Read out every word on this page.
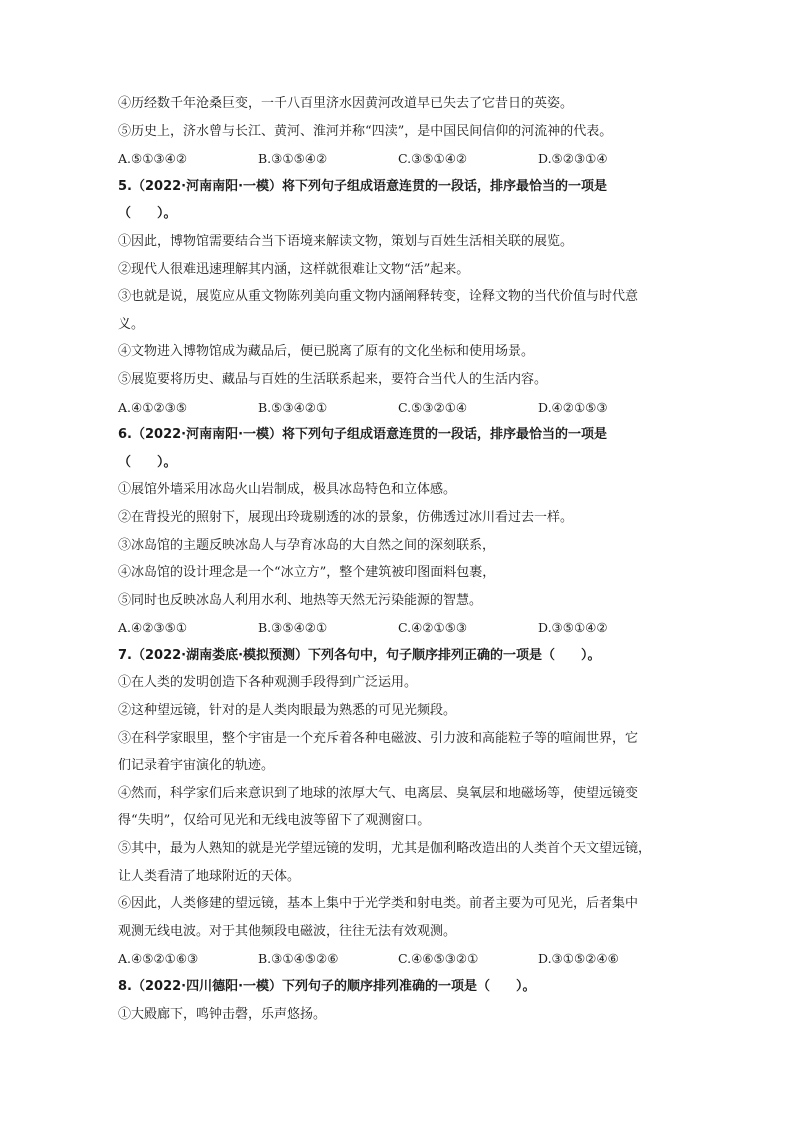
④历经数千年沧桑巨变，一千八百里济水因黄河改道早已失去了它昔日的英姿。
⑤历史上，济水曾与长江、黄河、淮河并称“四渎”，是中国民间信仰的河流神的代表。
A.⑤①③④②	B.③①⑤④②	C.③⑤①④②	D.⑤②③①④
5.（2022·河南南阳·一模）将下列句子组成语意连贯的一段话，排序最恰当的一项是
（　　）。
①因此，博物馆需要结合当下语境来解读文物，策划与百姓生活相关联的展览。
②现代人很难迅速理解其内涵，这样就很难让文物“活”起来。
③也就是说，展览应从重文物陈列美向重文物内涵阐释转变，诠释文物的当代价值与时代意
义。
④文物进入博物馆成为藏品后，便已脱离了原有的文化坐标和使用场景。
⑤展览要将历史、藏品与百姓的生活联系起来，要符合当代人的生活内容。
A.④①②③⑤	B.⑤③④②①	C.⑤③②①④	D.④②①⑤③
6.（2022·河南南阳·一模）将下列句子组成语意连贯的一段话，排序最恰当的一项是
（　　）。
①展馆外墙采用冰岛火山岩制成，极具冰岛特色和立体感。
②在背投光的照射下，展现出玲珑剔透的冰的景象，仿佛透过冰川看过去一样。
③冰岛馆的主题反映冰岛人与孕育冰岛的大自然之间的深刻联系，
④冰岛馆的设计理念是一个“冰立方”，整个建筑被印图面料包裹，
⑤同时也反映冰岛人利用水利、地热等天然无污染能源的智慧。
A.④②③⑤①	B.③⑤④②①	C.④②①⑤③	D.③⑤①④②
7.（2022·湖南娄底·模拟预测）下列各句中，句子顺序排列正确的一项是（　　）。
①在人类的发明创造下各种观测手段得到广泛运用。
②这种望远镜，针对的是人类肉眼最为熟悉的可见光频段。
③在科学家眼里，整个宇宙是一个充斥着各种电磁波、引力波和高能粒子等的喧闹世界，它
们记录着宇宙演化的轨迹。
④然而，科学家们后来意识到了地球的浓厚大气、电离层、臭氧层和地磁场等，使望远镜变
得“失明”，仅给可见光和无线电波等留下了观测窗口。
⑤其中，最为人熟知的就是光学望远镜的发明，尤其是伽利略改造出的人类首个天文望远镜，
让人类看清了地球附近的天体。
⑥因此，人类修建的望远镜，基本上集中于光学类和射电类。前者主要为可见光，后者集中
观测无线电波。对于其他频段电磁波，往往无法有效观测。
A.④⑤②①⑥③	B.③①④⑤②⑥	C.④⑥⑤③②①	D.③①⑤②④⑥
8.（2022·四川德阳·一模）下列句子的顺序排列准确的一项是（　　）。
①大殿廊下，鸣钟击磬，乐声悠扬。
